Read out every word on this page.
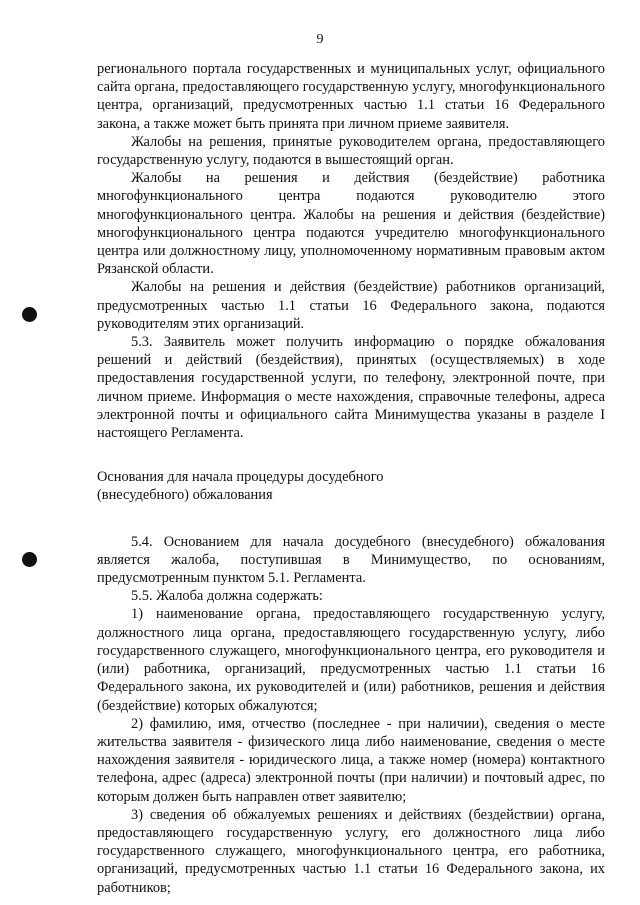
9

регионального портала государственных и муниципальных услуг, официального сайта органа, предоставляющего государственную услугу, многофункционального центра, организаций, предусмотренных частью 1.1 статьи 16 Федерального закона, а также может быть принята при личном приеме заявителя.

Жалобы на решения, принятые руководителем органа, предоставляющего государственную услугу, подаются в вышестоящий орган.

Жалобы на решения и действия (бездействие) работника многофункционального центра подаются руководителю этого многофункционального центра. Жалобы на решения и действия (бездействие) многофункционального центра подаются учредителю многофункционального центра или должностному лицу, уполномоченному нормативным правовым актом Рязанской области.

Жалобы на решения и действия (бездействие) работников организаций, предусмотренных частью 1.1 статьи 16 Федерального закона, подаются руководителям этих организаций.

5.3. Заявитель может получить информацию о порядке обжалования решений и действий (бездействия), принятых (осуществляемых) в ходе предоставления государственной услуги, по телефону, электронной почте, при личном приеме. Информация о месте нахождения, справочные телефоны, адреса электронной почты и официального сайта Минимущества указаны в разделе I настоящего Регламента.

Основания для начала процедуры досудебного
(внесудебного) обжалования

5.4. Основанием для начала досудебного (внесудебного) обжалования является жалоба, поступившая в Минимущество, по основаниям, предусмотренным пунктом 5.1. Регламента.

5.5. Жалоба должна содержать:

1) наименование органа, предоставляющего государственную услугу, должностного лица органа, предоставляющего государственную услугу, либо государственного служащего, многофункционального центра, его руководителя и (или) работника, организаций, предусмотренных частью 1.1 статьи 16 Федерального закона, их руководителей и (или) работников, решения и действия (бездействие) которых обжалуются;

2) фамилию, имя, отчество (последнее - при наличии), сведения о месте жительства заявителя - физического лица либо наименование, сведения о месте нахождения заявителя - юридического лица, а также номер (номера) контактного телефона, адрес (адреса) электронной почты (при наличии) и почтовый адрес, по которым должен быть направлен ответ заявителю;

3) сведения об обжалуемых решениях и действиях (бездействии) органа, предоставляющего государственную услугу, его должностного лица либо государственного служащего, многофункционального центра, его работника, организаций, предусмотренных частью 1.1 статьи 16 Федерального закона, их работников;
